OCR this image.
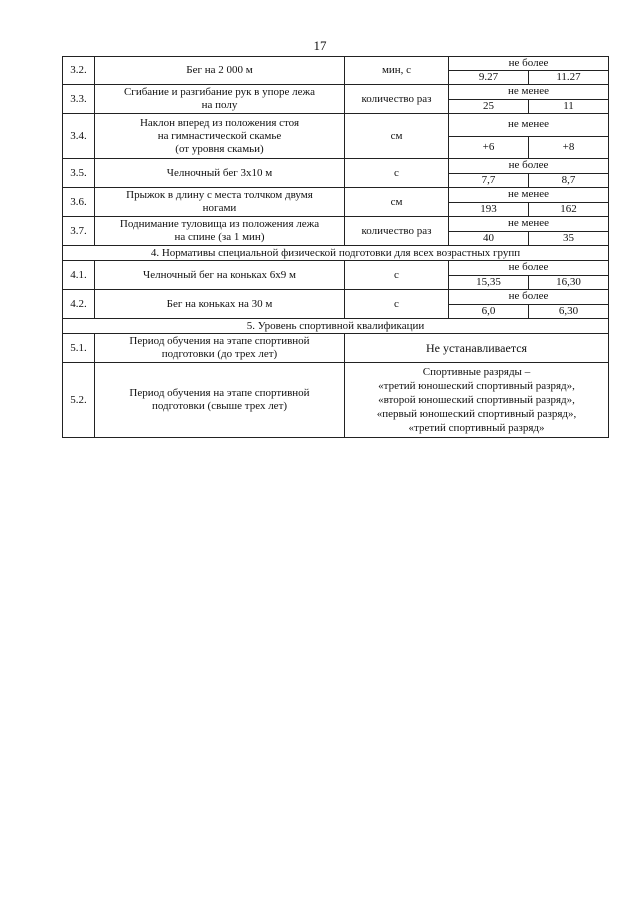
17
3.2.	Бег на 2 000 м	мин, с	не более	
			9.27	11.27
3.3.	Сгибание и разгибание рук в упоре лежа
на полу	количество раз	не менее	
			25	11
3.4.	Наклон вперед из положения стоя
на гимнастической скамье
(от уровня скамьи)	см	не менее	
			+6	+8
3.5.	Челночный бег 3х10 м	с	не более	
			7,7	8,7
3.6.	Прыжок в длину с места толчком двумя
ногами	см	не менее	
			193	162
3.7.	Поднимание туловища из положения лежа
на спине (за 1 мин)	количество раз	не менее	
			40	35
4. Нормативы специальной физической подготовки для всех возрастных групп				
4.1.	Челночный бег на коньках 6х9 м	с	не более	
			15,35	16,30
4.2.	Бег на коньках на 30 м	с	не более	
			6,0	6,30
5. Уровень спортивной квалификации				
5.1.	Период обучения на этапе спортивной
подготовки (до трех лет)	Не устанавливается		
5.2.	Период обучения на этапе спортивной
подготовки (свыше трех лет)	Спортивные разряды –
«третий юношеский спортивный разряд»,
«второй юношеский спортивный разряд»,
«первый юношеский спортивный разряд»,
«третий спортивный разряд»		
